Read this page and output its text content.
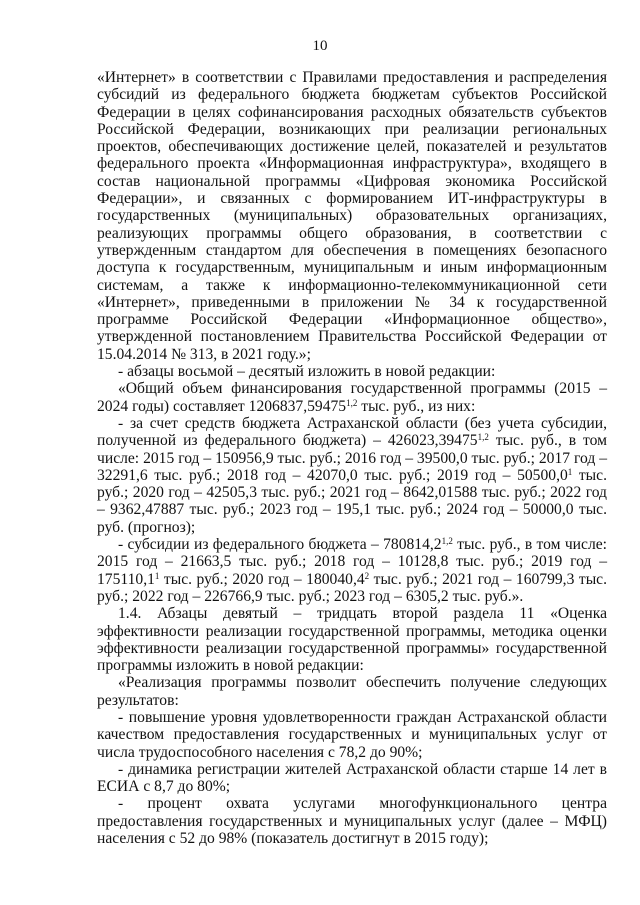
10

«Интернет» в соответствии с Правилами предоставления и распределения субсидий из федерального бюджета бюджетам субъектов Российской Федерации в целях софинансирования расходных обязательств субъектов Российской Федерации, возникающих при реализации региональных проектов, обеспечивающих достижение целей, показателей и результатов федерального проекта «Информационная инфраструктура», входящего в состав национальной программы «Цифровая экономика Российской Федерации», и связанных с формированием ИТ-инфраструктуры в государственных (муниципальных) образовательных организациях, реализующих программы общего образования, в соответствии с утвержденным стандартом для обеспечения в помещениях безопасного доступа к государственным, муниципальным и иным информационным системам, а также к информационно-телекоммуникационной сети «Интернет», приведенными в приложении № 34 к государственной программе Российской Федерации «Информационное общество», утвержденной постановлением Правительства Российской Федерации от 15.04.2014 № 313, в 2021 году.»;

- абзацы восьмой – десятый изложить в новой редакции:

«Общий объем финансирования государственной программы (2015 – 2024 годы) составляет 1206837,59475$^{1,2}$ тыс. руб., из них:

- за счет средств бюджета Астраханской области (без учета субсидии, полученной из федерального бюджета) – 426023,39475$^{1,2}$ тыс. руб., в том числе: 2015 год – 150956,9 тыс. руб.; 2016 год – 39500,0 тыс. руб.; 2017 год – 32291,6 тыс. руб.; 2018 год – 42070,0 тыс. руб.; 2019 год – 50500,0$^1$ тыс. руб.; 2020 год – 42505,3 тыс. руб.; 2021 год – 8642,01588 тыс. руб.; 2022 год – 9362,47887 тыс. руб.; 2023 год – 195,1 тыс. руб.; 2024 год – 50000,0 тыс. руб. (прогноз);

- субсидии из федерального бюджета – 780814,2$^{1,2}$ тыс. руб., в том числе: 2015 год – 21663,5 тыс. руб.; 2018 год – 10128,8 тыс. руб.; 2019 год – 175110,1$^1$ тыс. руб.; 2020 год – 180040,4$^2$ тыс. руб.; 2021 год – 160799,3 тыс. руб.; 2022 год – 226766,9 тыс. руб.; 2023 год – 6305,2 тыс. руб.».

1.4. Абзацы девятый – тридцать второй раздела 11 «Оценка эффективности реализации государственной программы, методика оценки эффективности реализации государственной программы» государственной программы изложить в новой редакции:

«Реализация программы позволит обеспечить получение следующих результатов:

- повышение уровня удовлетворенности граждан Астраханской области качеством предоставления государственных и муниципальных услуг от числа трудоспособного населения с 78,2 до 90%;

- динамика регистрации жителей Астраханской области старше 14 лет в ЕСИА с 8,7 до 80%;

- процент охвата услугами многофункционального центра предоставления государственных и муниципальных услуг (далее – МФЦ) населения с 52 до 98% (показатель достигнут в 2015 году);
